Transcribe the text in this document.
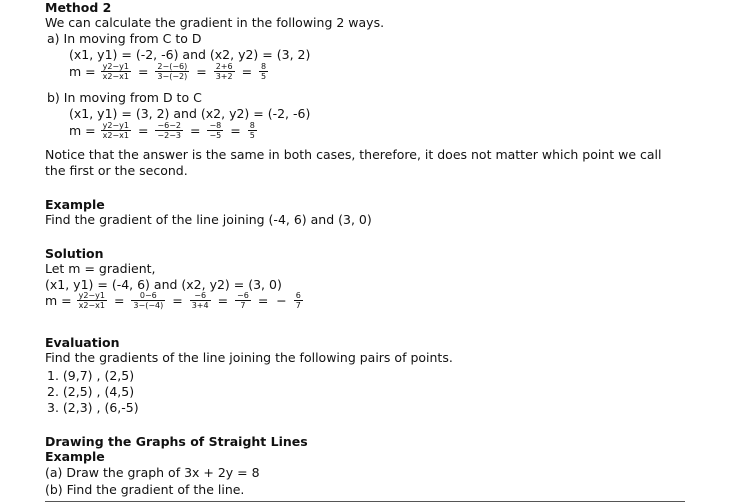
Method 2
We can calculate the gradient in the following 2 ways.
a) In moving from C to D
(x1, y1) = (-2, -6) and (x2, y2) = (3, 2)
$m = \frac{y2-y1}{x2-x1} = \frac{2-(-6)}{3-(-2)} = \frac{2+6}{3+2} = \frac{8}{5}$
b) In moving from D to C
(x1, y1) = (3, 2) and (x2, y2) = (-2, -6)
$m = \frac{y2-y1}{x2-x1} = \frac{-6-2}{-2-3} = \frac{-8}{-5} = \frac{8}{5}$
Notice that the answer is the same in both cases, therefore, it does not matter which point we call
the first or the second.
Example
Find the gradient of the line joining (-4, 6) and (3, 0)
Solution
Let m = gradient,
(x1, y1) = (-4, 6) and (x2, y2) = (3, 0)
$m = \frac{y2-y1}{x2-x1} = \frac{0-6}{3-(-4)} = \frac{-6}{3+4} = \frac{-6}{7}$ = − $\frac{6}{7}$
Evaluation
Find the gradients of the line joining the following pairs of points.
1. (9,7) , (2,5)
2. (2,5) , (4,5)
3. (2,3) , (6,-5)
Drawing the Graphs of Straight Lines
Example
(a) Draw the graph of 3x + 2y = 8
(b) Find the gradient of the line.
